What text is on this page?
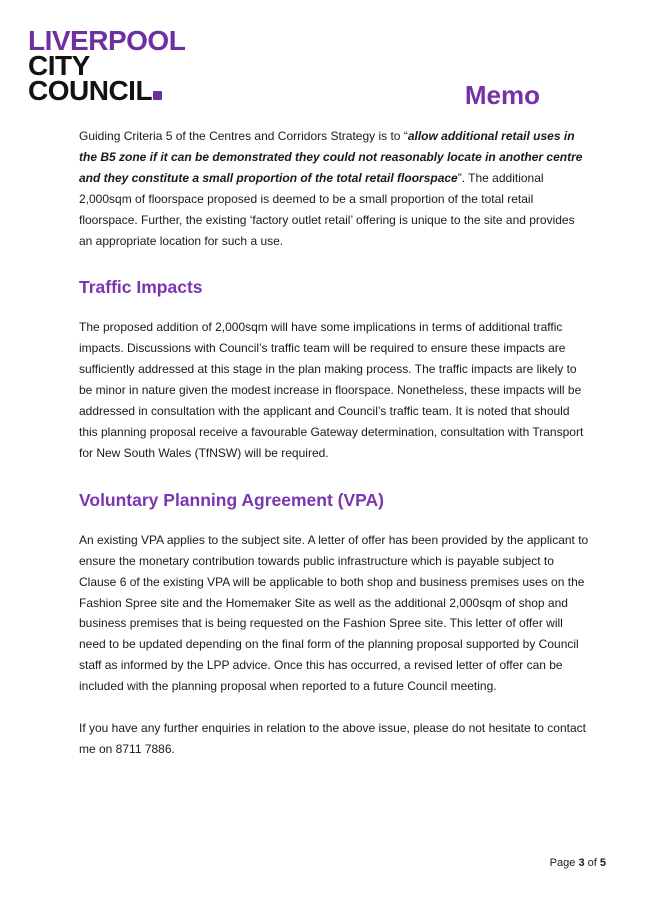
LIVERPOOL
CITY
COUNCIL	Memo

Guiding Criteria 5 of the Centres and Corridors Strategy is to “allow additional retail uses in the B5 zone if it can be demonstrated they could not reasonably locate in another centre and they constitute a small proportion of the total retail floorspace”. The additional 2,000sqm of floorspace proposed is deemed to be a small proportion of the total retail floorspace. Further, the existing ‘factory outlet retail’ offering is unique to the site and provides an appropriate location for such a use.

Traffic Impacts

The proposed addition of 2,000sqm will have some implications in terms of additional traffic impacts. Discussions with Council’s traffic team will be required to ensure these impacts are sufficiently addressed at this stage in the plan making process. The traffic impacts are likely to be minor in nature given the modest increase in floorspace. Nonetheless, these impacts will be addressed in consultation with the applicant and Council’s traffic team. It is noted that should this planning proposal receive a favourable Gateway determination, consultation with Transport for New South Wales (TfNSW) will be required.

Voluntary Planning Agreement (VPA)

An existing VPA applies to the subject site. A letter of offer has been provided by the applicant to ensure the monetary contribution towards public infrastructure which is payable subject to Clause 6 of the existing VPA will be applicable to both shop and business premises uses on the Fashion Spree site and the Homemaker Site as well as the additional 2,000sqm of shop and business premises that is being requested on the Fashion Spree site. This letter of offer will need to be updated depending on the final form of the planning proposal supported by Council staff as informed by the LPP advice. Once this has occurred, a revised letter of offer can be included with the planning proposal when reported to a future Council meeting.

If you have any further enquiries in relation to the above issue, please do not hesitate to contact me on 8711 7886.

Page 3 of 5
